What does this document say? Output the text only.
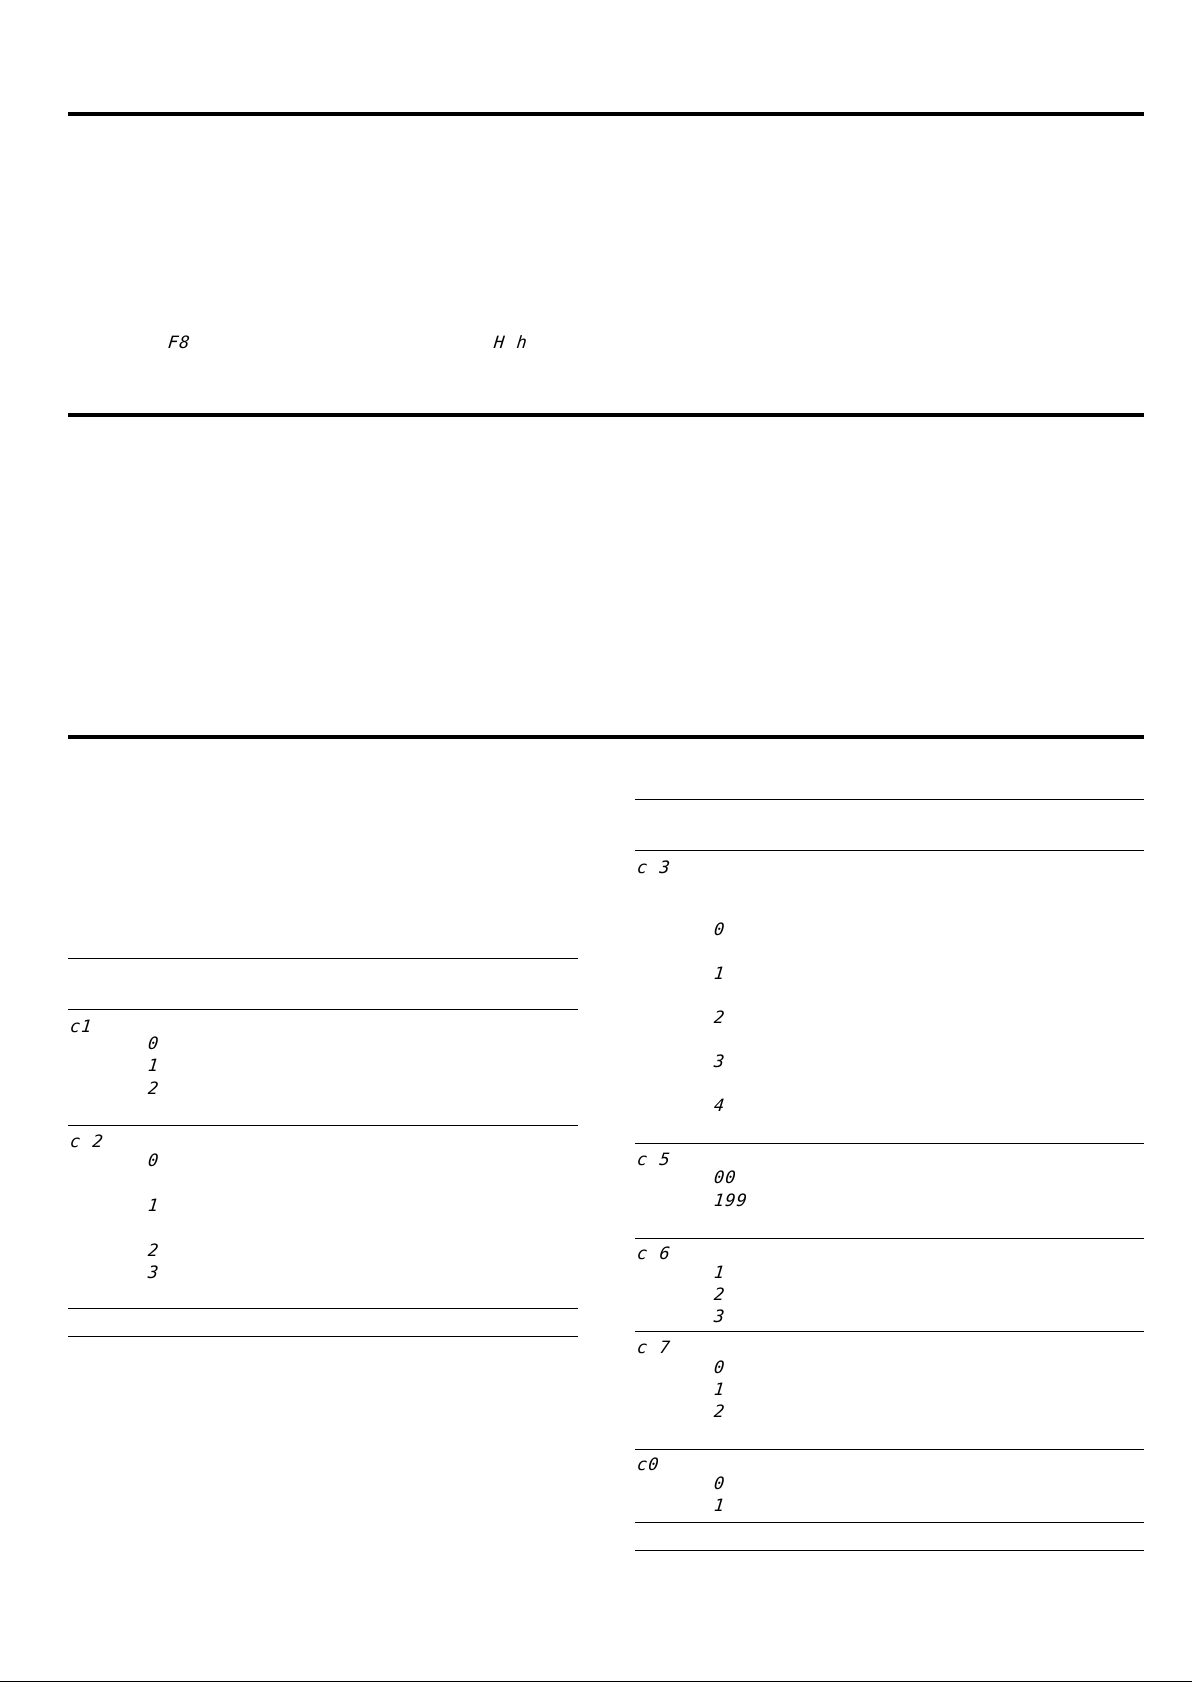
F8	H h
c1
0
1
2
c 2
0
1
2
3
c 3
0
1
2
3
4
c 5
00
199
c 6
1
2
3
c 7
0
1
2
c0
0
1
